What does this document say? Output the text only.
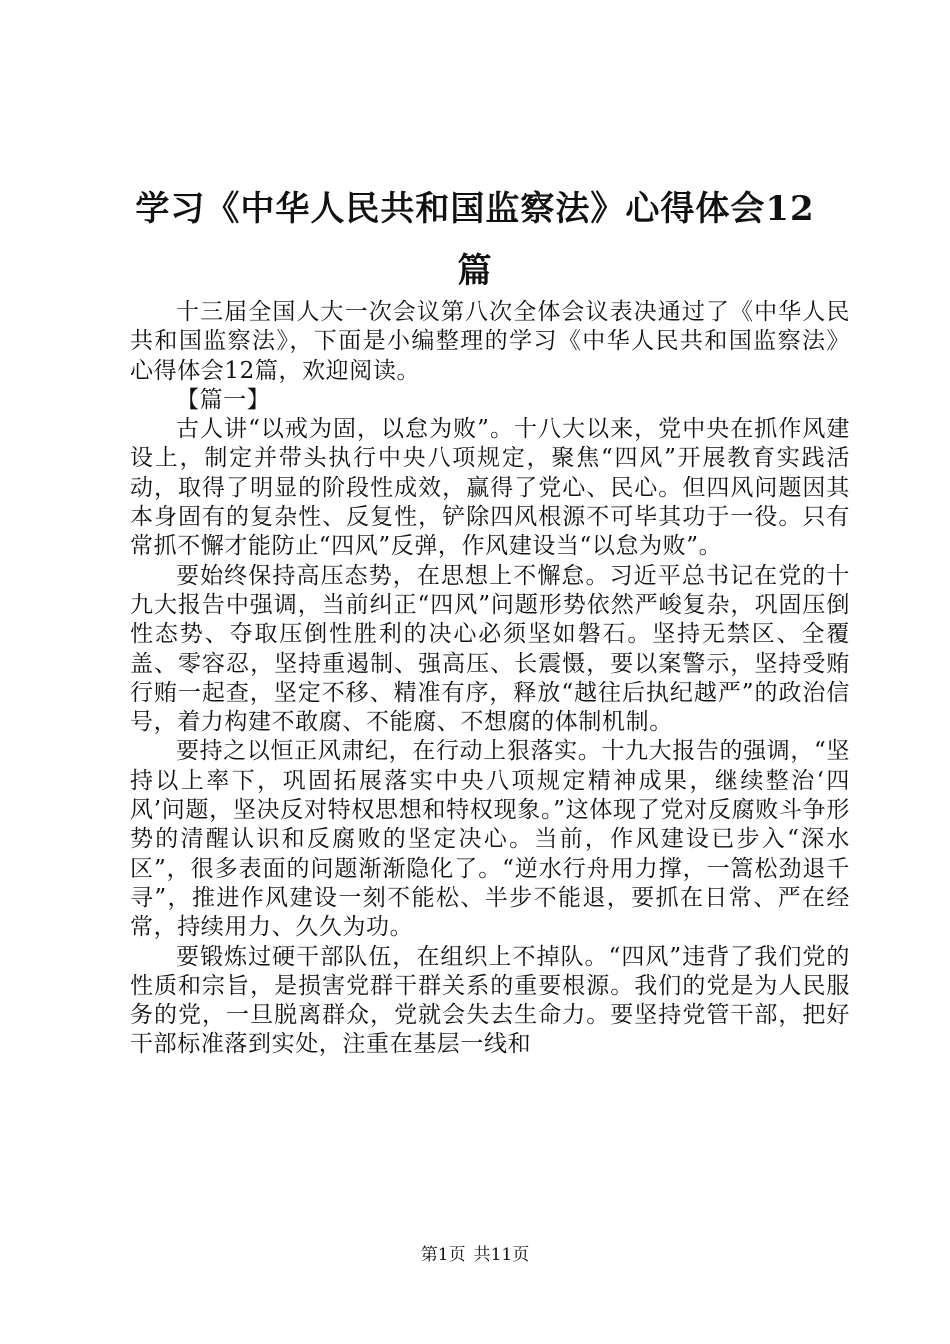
学习《中华人民共和国监察法》心得体会12篇

十三届全国人大一次会议第八次全体会议表决通过了《中华人民共和国监察法》，下面是小编整理的学习《中华人民共和国监察法》心得体会12篇，欢迎阅读。

【篇一】

古人讲“以戒为固，以怠为败”。十八大以来，党中央在抓作风建设上，制定并带头执行中央八项规定，聚焦“四风”开展教育实践活动，取得了明显的阶段性成效，赢得了党心、民心。但四风问题因其本身固有的复杂性、反复性，铲除四风根源不可毕其功于一役。只有常抓不懈才能防止“四风”反弹，作风建设当“以怠为败”。

要始终保持高压态势，在思想上不懈怠。习近平总书记在党的十九大报告中强调，当前纠正“四风”问题形势依然严峻复杂，巩固压倒性态势、夺取压倒性胜利的决心必须坚如磐石。坚持无禁区、全覆盖、零容忍，坚持重遏制、强高压、长震慑，要以案警示，坚持受贿行贿一起查，坚定不移、精准有序，释放“越往后执纪越严”的政治信号，着力构建不敢腐、不能腐、不想腐的体制机制。

要持之以恒正风肃纪，在行动上狠落实。十九大报告的强调，“坚持以上率下，巩固拓展落实中央八项规定精神成果，继续整治‘四风’问题，坚决反对特权思想和特权现象。”这体现了党对反腐败斗争形势的清醒认识和反腐败的坚定决心。当前，作风建设已步入“深水区”，很多表面的问题渐渐隐化了。“逆水行舟用力撑，一篙松劲退千寻”，推进作风建设一刻不能松、半步不能退，要抓在日常、严在经常，持续用力、久久为功。

要锻炼过硬干部队伍，在组织上不掉队。“四风”违背了我们党的性质和宗旨，是损害党群干群关系的重要根源。我们的党是为人民服务的党，一旦脱离群众，党就会失去生命力。要坚持党管干部，把好干部标准落到实处，注重在基层一线和

第1页 共11页
